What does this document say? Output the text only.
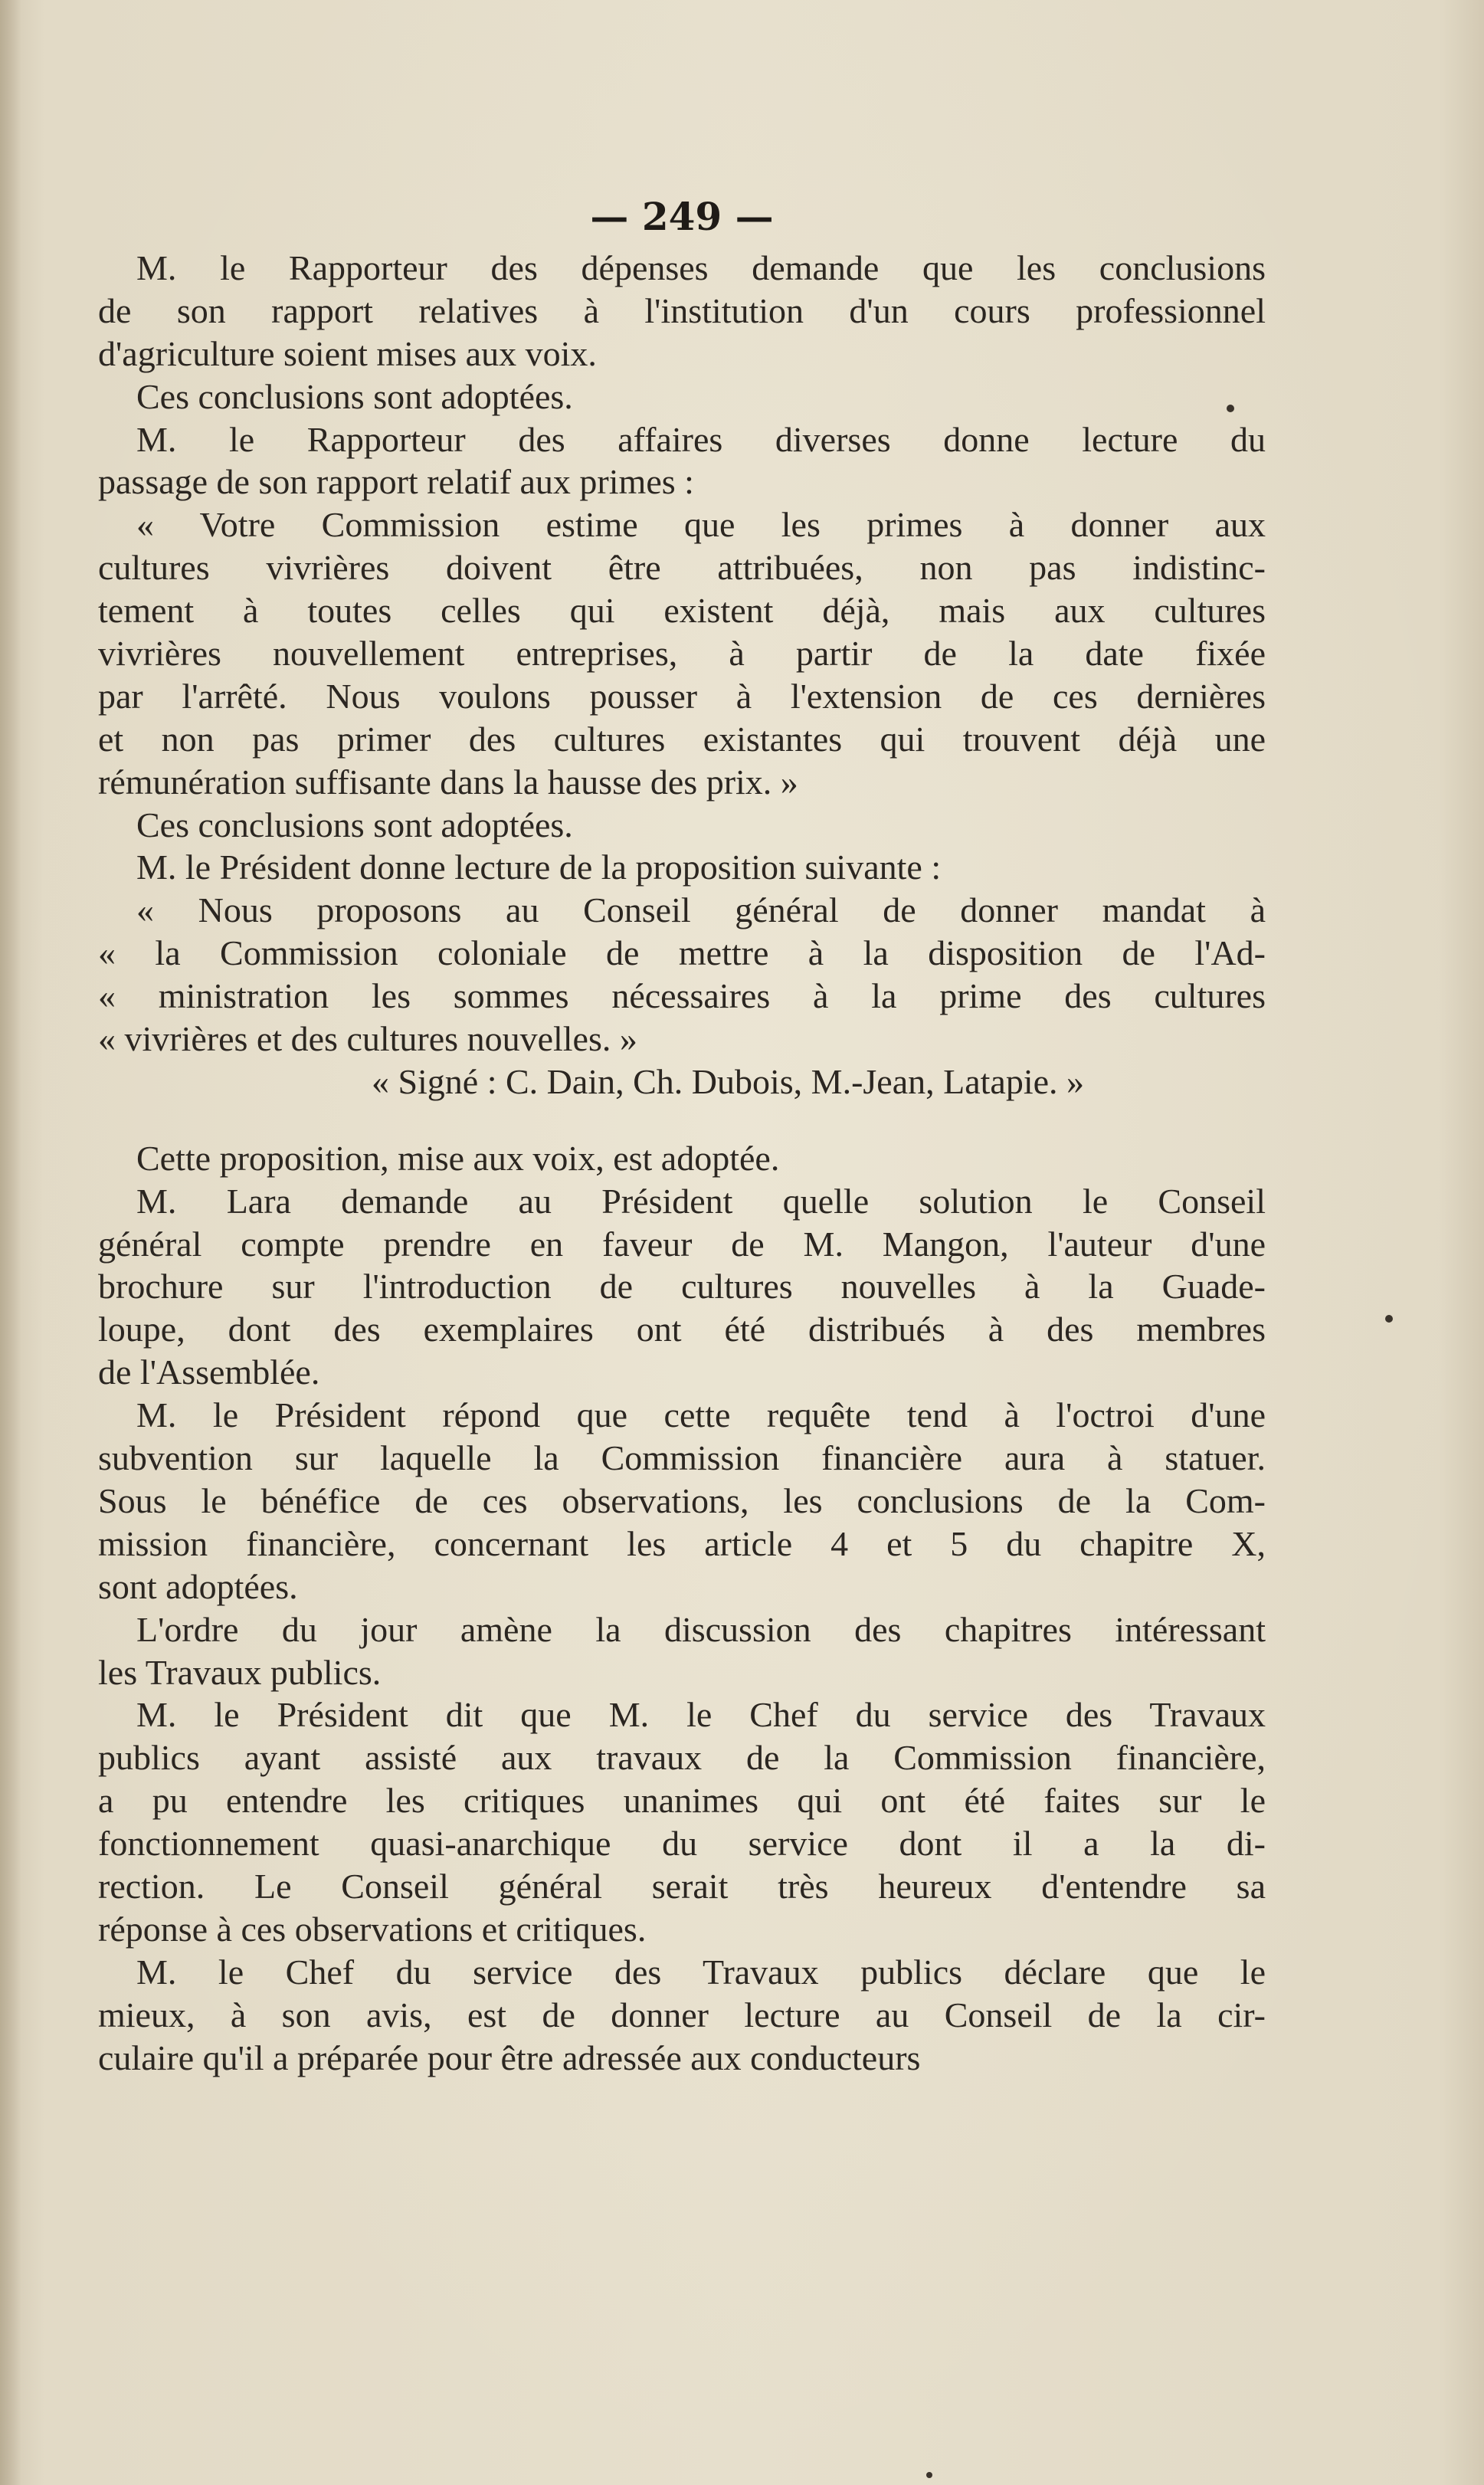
— 249 —
M. le Rapporteur des dépenses demande que les conclusions
de son rapport relatives à l'institution d'un cours professionnel
d'agriculture soient mises aux voix.
Ces conclusions sont adoptées.
M. le Rapporteur des affaires diverses donne lecture du
passage de son rapport relatif aux primes :
« Votre Commission estime que les primes à donner aux
cultures vivrières doivent être attribuées, non pas indistinc-
tement à toutes celles qui existent déjà, mais aux cultures
vivrières nouvellement entreprises, à partir de la date fixée
par l'arrêté. Nous voulons pousser à l'extension de ces dernières
et non pas primer des cultures existantes qui trouvent déjà une
rémunération suffisante dans la hausse des prix. »
Ces conclusions sont adoptées.
M. le Président donne lecture de la proposition suivante :
« Nous proposons au Conseil général de donner mandat à
« la Commission coloniale de mettre à la disposition de l'Ad-
« ministration les sommes nécessaires à la prime des cultures
« vivrières et des cultures nouvelles. »
« Signé : C. Dain, Ch. Dubois, M.-Jean, Latapie. »
Cette proposition, mise aux voix, est adoptée.
M. Lara demande au Président quelle solution le Conseil
général compte prendre en faveur de M. Mangon, l'auteur d'une
brochure sur l'introduction de cultures nouvelles à la Guade-
loupe, dont des exemplaires ont été distribués à des membres
de l'Assemblée.
M. le Président répond que cette requête tend à l'octroi d'une
subvention sur laquelle la Commission financière aura à statuer.
Sous le bénéfice de ces observations, les conclusions de la Com-
mission financière, concernant les article 4 et 5 du chapitre X,
sont adoptées.
L'ordre du jour amène la discussion des chapitres intéressant
les Travaux publics.
M. le Président dit que M. le Chef du service des Travaux
publics ayant assisté aux travaux de la Commission financière,
a pu entendre les critiques unanimes qui ont été faites sur le
fonctionnement quasi-anarchique du service dont il a la di-
rection. Le Conseil général serait très heureux d'entendre sa
réponse à ces observations et critiques.
M. le Chef du service des Travaux publics déclare que le
mieux, à son avis, est de donner lecture au Conseil de la cir-
culaire qu'il a préparée pour être adressée aux conducteurs
